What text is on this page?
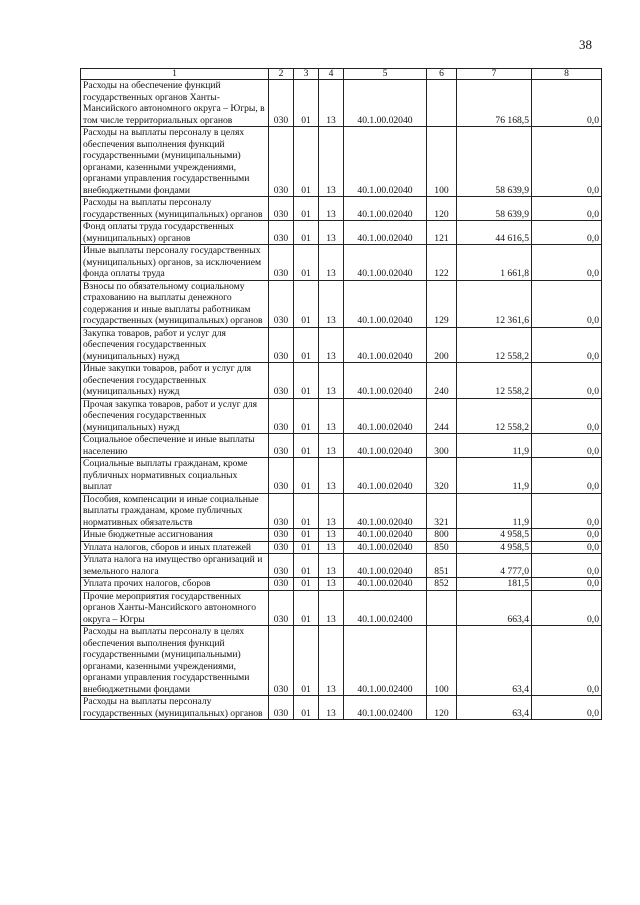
38
1	2	3	4	5	6	7	8
Расходы на обеспечение функций государственных органов Ханты-Мансийского автономного округа – Югры, в том числе территориальных органов	030	01	13	40.1.00.02040		76 168,5	0,0
Расходы на выплаты персоналу в целях обеспечения выполнения функций государственными (муниципальными) органами, казенными учреждениями, органами управления государственными внебюджетными фондами	030	01	13	40.1.00.02040	100	58 639,9	0,0
Расходы на выплаты персоналу государственных (муниципальных) органов	030	01	13	40.1.00.02040	120	58 639,9	0,0
Фонд оплаты труда государственных (муниципальных) органов	030	01	13	40.1.00.02040	121	44 616,5	0,0
Иные выплаты персоналу государственных (муниципальных) органов, за исключением фонда оплаты труда	030	01	13	40.1.00.02040	122	1 661,8	0,0
Взносы по обязательному социальному страхованию на выплаты денежного содержания и иные выплаты работникам государственных (муниципальных) органов	030	01	13	40.1.00.02040	129	12 361,6	0,0
Закупка товаров, работ и услуг для обеспечения государственных (муниципальных) нужд	030	01	13	40.1.00.02040	200	12 558,2	0,0
Иные закупки товаров, работ и услуг для обеспечения государственных (муниципальных) нужд	030	01	13	40.1.00.02040	240	12 558,2	0,0
Прочая закупка товаров, работ и услуг для обеспечения государственных (муниципальных) нужд	030	01	13	40.1.00.02040	244	12 558,2	0,0
Социальное обеспечение и иные выплаты населению	030	01	13	40.1.00.02040	300	11,9	0,0
Социальные выплаты гражданам, кроме публичных нормативных социальных выплат	030	01	13	40.1.00.02040	320	11,9	0,0
Пособия, компенсации и иные социальные выплаты гражданам, кроме публичных нормативных обязательств	030	01	13	40.1.00.02040	321	11,9	0,0
Иные бюджетные ассигнования	030	01	13	40.1.00.02040	800	4 958,5	0,0
Уплата налогов, сборов и иных платежей	030	01	13	40.1.00.02040	850	4 958,5	0,0
Уплата налога на имущество организаций и земельного налога	030	01	13	40.1.00.02040	851	4 777,0	0,0
Уплата прочих налогов, сборов	030	01	13	40.1.00.02040	852	181,5	0,0
Прочие мероприятия государственных органов Ханты-Мансийского автономного округа – Югры	030	01	13	40.1.00.02400		663,4	0,0
Расходы на выплаты персоналу в целях обеспечения выполнения функций государственными (муниципальными) органами, казенными учреждениями, органами управления государственными внебюджетными фондами	030	01	13	40.1.00.02400	100	63,4	0,0
Расходы на выплаты персоналу государственных (муниципальных) органов	030	01	13	40.1.00.02400	120	63,4	0,0
